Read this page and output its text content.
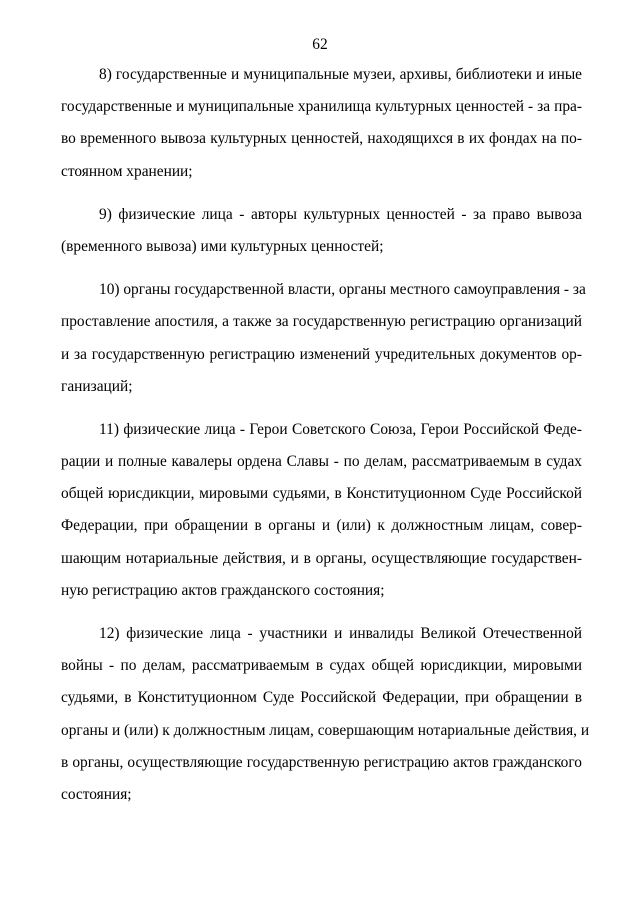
62
8) государственные и муниципальные музеи, архивы, библиотеки и иные
государственные и муниципальные хранилища культурных ценностей - за пра-
во временного вывоза культурных ценностей, находящихся в их фондах на по-
стоянном хранении;
9) физические лица - авторы культурных ценностей - за право вывоза
(временного вывоза) ими культурных ценностей;
10) органы государственной власти, органы местного самоуправления - за
проставление апостиля, а также за государственную регистрацию организаций
и за государственную регистрацию изменений учредительных документов ор-
ганизаций;
11) физические лица - Герои Советского Союза, Герои Российской Феде-
рации и полные кавалеры ордена Славы - по делам, рассматриваемым в судах
общей юрисдикции, мировыми судьями, в Конституционном Суде Российской
Федерации, при обращении в органы и (или) к должностным лицам, совер-
шающим нотариальные действия, и в органы, осуществляющие государствен-
ную регистрацию актов гражданского состояния;
12) физические лица - участники и инвалиды Великой Отечественной
войны - по делам, рассматриваемым в судах общей юрисдикции, мировыми
судьями, в Конституционном Суде Российской Федерации, при обращении в
органы и (или) к должностным лицам, совершающим нотариальные действия, и
в органы, осуществляющие государственную регистрацию актов гражданского
состояния;
